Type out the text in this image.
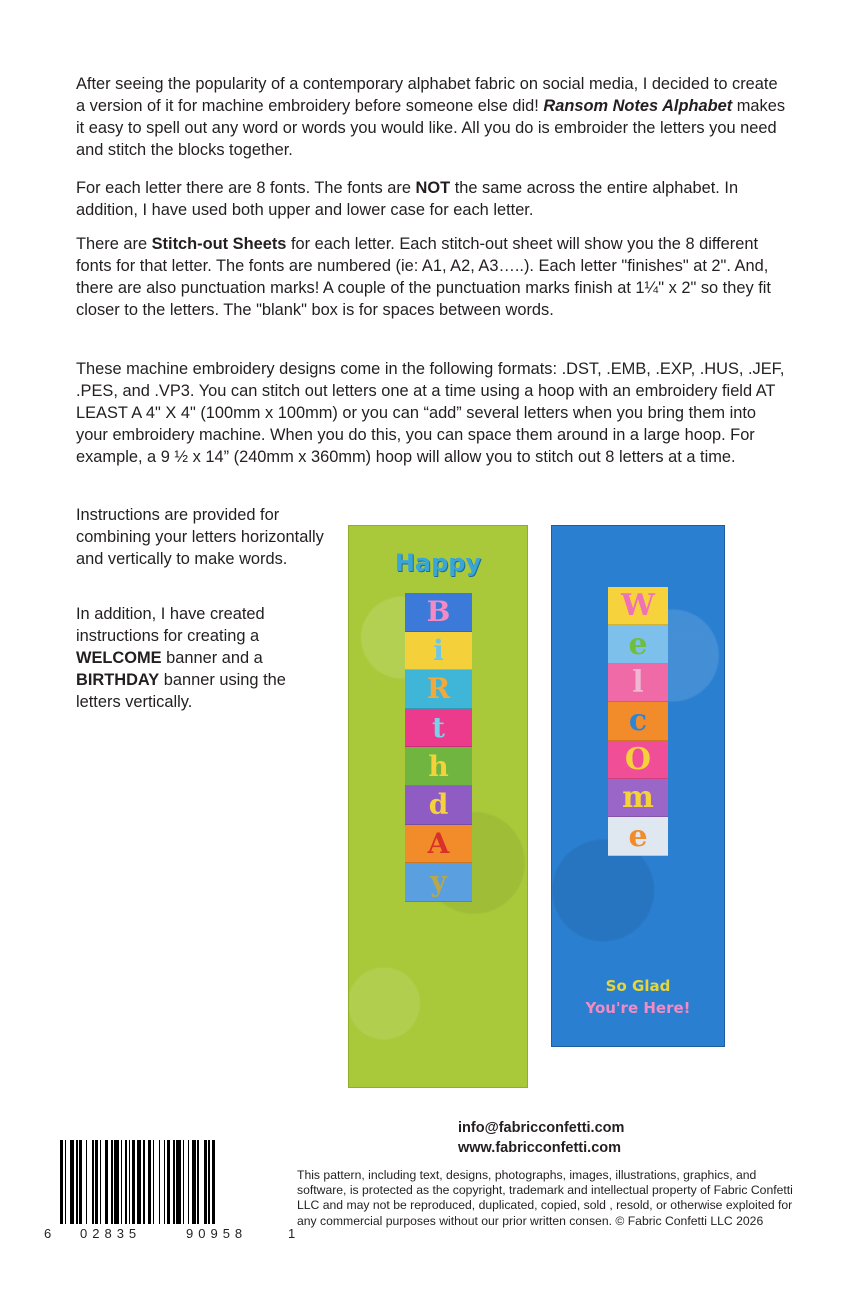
After seeing the popularity of a contemporary alphabet fabric on social media, I decided to create a version of it for machine embroidery before someone else did! Ransom Notes Alphabet makes it easy to spell out any word or words you would like. All you do is embroider the letters you need and stitch the blocks together.

For each letter there are 8 fonts. The fonts are NOT the same across the entire alphabet. In addition, I have used both upper and lower case for each letter.

There are Stitch-out Sheets for each letter. Each stitch-out sheet will show you the 8 different fonts for that letter. The fonts are numbered (ie: A1, A2, A3…..). Each letter "finishes" at 2". And, there are also punctuation marks! A couple of the punctuation marks finish at 1¼" x 2" so they fit closer to the letters. The "blank" box is for spaces between words.

These machine embroidery designs come in the following formats: .DST, .EMB, .EXP, .HUS, .JEF, .PES, and .VP3. You can stitch out letters one at a time using a hoop with an embroidery field AT LEAST A 4" X 4" (100mm x 100mm) or you can “add” several letters when you bring them into your embroidery machine. When you do this, you can space them around in a large hoop. For example, a 9 ½ x 14” (240mm x 360mm) hoop will allow you to stitch out 8 letters at a time.

Instructions are provided for combining your letters horizontally and vertically to make words.

In addition, I have created instructions for creating a WELCOME banner and a BIRTHDAY banner using the letters vertically.

Happy
B
i
R
t
h
d
A
y
W
e
l
c
O
m
e
So Glad
You're Here!
info@fabricconfetti.com
www.fabricconfetti.com

This pattern, including text, designs, photographs, images, illustrations, graphics, and software, is protected as the copyright, trademark and intellectual property of Fabric Confetti LLC and may not be reproduced, duplicated, copied, sold , resold, or otherwise exploited for any commercial purposes without our prior written consen. © Fabric Confetti LLC 2026

6 02835	90958	1
